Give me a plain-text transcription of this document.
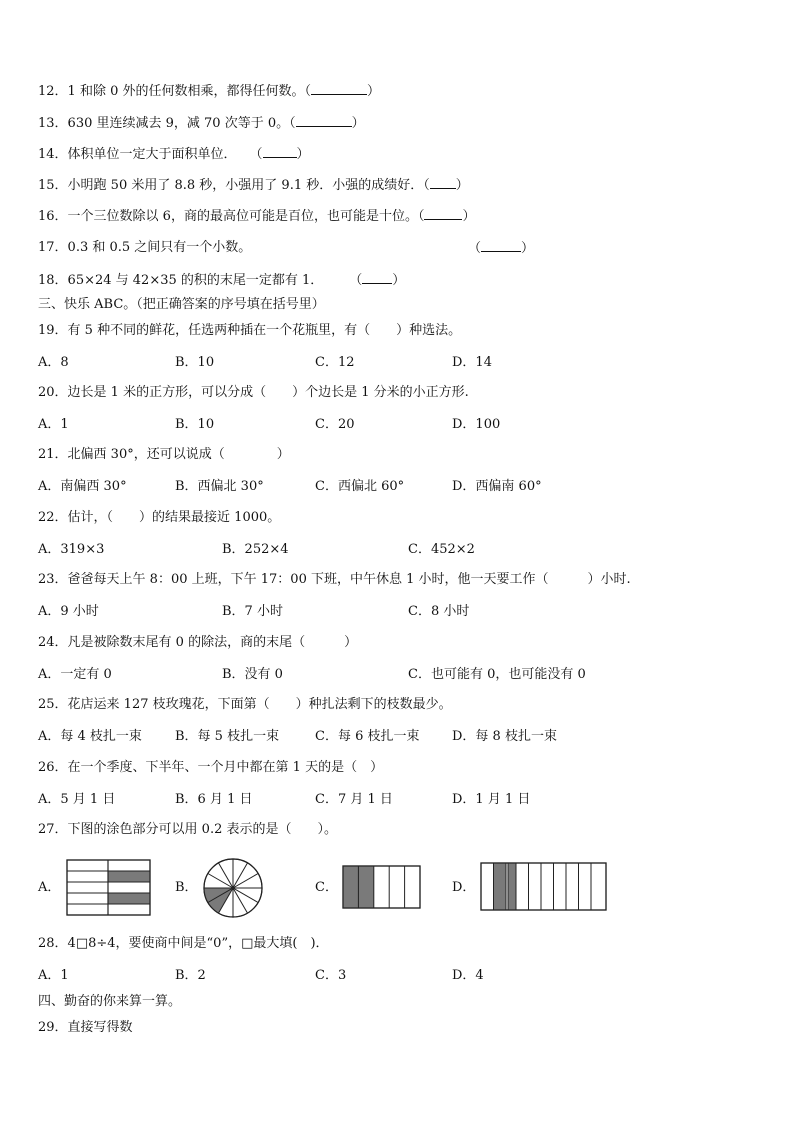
12．1 和除 0 外的任何数相乘，都得任何数。（	）
13．630 里连续减去 9，减 70 次等于 0。（	）
14．体积单位一定大于面积单位．　　（	）
15．小明跑 50 米用了 8.8 秒，小强用了 9.1 秒．小强的成绩好．（ ）
16．一个三位数除以 6，商的最高位可能是百位，也可能是十位。（	）
17．0.3 和 0.5 之间只有一个小数。	（	）
18．65×24 与 42×35 的积的末尾一定都有 1．　　　（ ）
三、快乐 ABC。（把正确答案的序号填在括号里）
19．有 5 种不同的鲜花，任选两种插在一个花瓶里，有（　　）种选法。
A．8	B．10	C．12	D．14
20．边长是 1 米的正方形，可以分成（　　）个边长是 1 分米的小正方形.
A．1	B．10	C．20	D．100
21．北偏西 30°，还可以说成（　　　　）
A．南偏西 30°	B．西偏北 30°	C．西偏北 60°	D．西偏南 60°
22．估计，（　　）的结果最接近 1000。
A．319×3	B．252×4	C．452×2
23．爸爸每天上午 8：00 上班，下午 17：00 下班，中午休息 1 小时，他一天要工作（　　　）小时.
A．9 小时	B．7 小时	C．8 小时
24．凡是被除数末尾有 0 的除法，商的末尾（　　　）
A．一定有 0	B．没有 0	C．也可能有 0，也可能没有 0
25．花店运来 127 枝玫瑰花，下面第（　　）种扎法剩下的枝数最少。
A．每 4 枝扎一束	B．每 5 枝扎一束	C．每 6 枝扎一束	D．每 8 枝扎一束
26．在一个季度、下半年、一个月中都在第 1 天的是（　）
A．5 月 1 日	B．6 月 1 日	C．7 月 1 日	D．1 月 1 日
27．下图的涂色部分可以用 0.2 表示的是（　　）。
A．	B．	C．	D．
28．4□8÷4，要使商中间是“0”，□最大填(　)．
A．1	B．2	C．3	D．4
四、勤奋的你来算一算。
29．直接写得数
